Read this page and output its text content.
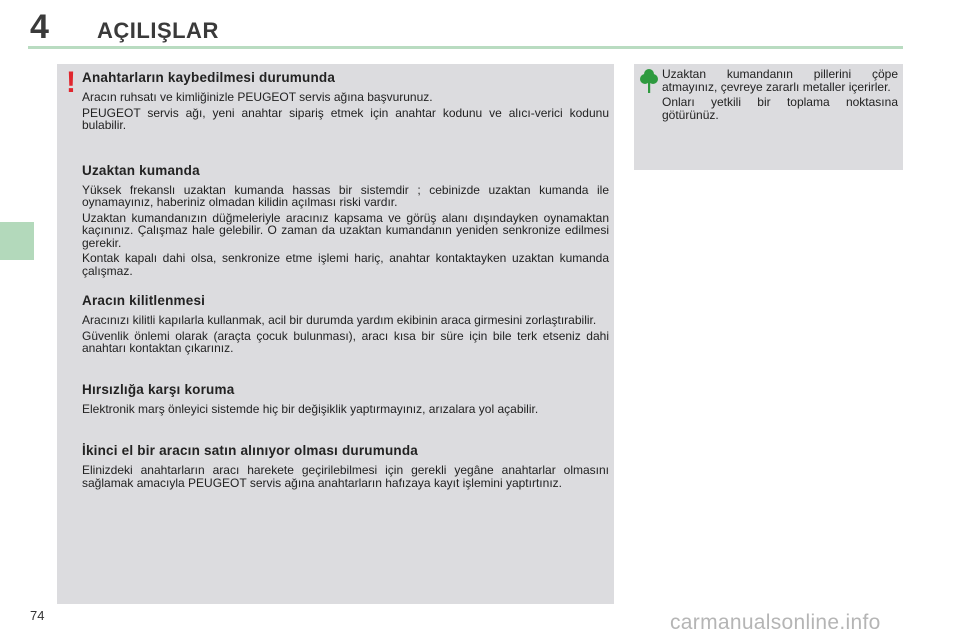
4 AÇILIŞLAR
! Anahtarların kaybedilmesi durumunda

Aracın ruhsatı ve kimliğinizle PEUGEOT servis ağına başvurunuz.

PEUGEOT servis ağı, yeni anahtar sipariş etmek için anahtar kodunu ve alıcı-verici kodunu bulabilir.

Uzaktan kumanda

Yüksek frekanslı uzaktan kumanda hassas bir sistemdir ; cebinizde uzaktan kumanda ile oynamayınız, haberiniz olmadan kilidin açılması riski vardır.

Uzaktan kumandanızın düğmeleriyle aracınız kapsama ve görüş alanı dışındayken oynamaktan kaçınınız. Çalışmaz hale gelebilir. O zaman da uzaktan kumandanın yeniden senkronize edilmesi gerekir.

Kontak kapalı dahi olsa, senkronize etme işlemi hariç, anahtar kontaktayken uzaktan kumanda çalışmaz.

Aracın kilitlenmesi

Aracınızı kilitli kapılarla kullanmak, acil bir durumda yardım ekibinin araca girmesini zorlaştırabilir.

Güvenlik önlemi olarak (araçta çocuk bulunması), aracı kısa bir süre için bile terk etseniz dahi anahtarı kontaktan çıkarınız.

Hırsızlığa karşı koruma

Elektronik marş önleyici sistemde hiç bir değişiklik yaptırmayınız, arızalara yol açabilir.

İkinci el bir aracın satın alınıyor olması durumunda

Elinizdeki anahtarların aracı harekete geçirilebilmesi için gerekli yegâne anahtarlar olmasını sağlamak amacıyla PEUGEOT servis ağına anahtarların hafızaya kayıt işlemini yaptırtınız.

Uzaktan kumandanın pillerini çöpe atmayınız, çevreye zararlı metaller içerirler.

Onları yetkili bir toplama noktasına götürünüz.

74	carmanualsonline.info
